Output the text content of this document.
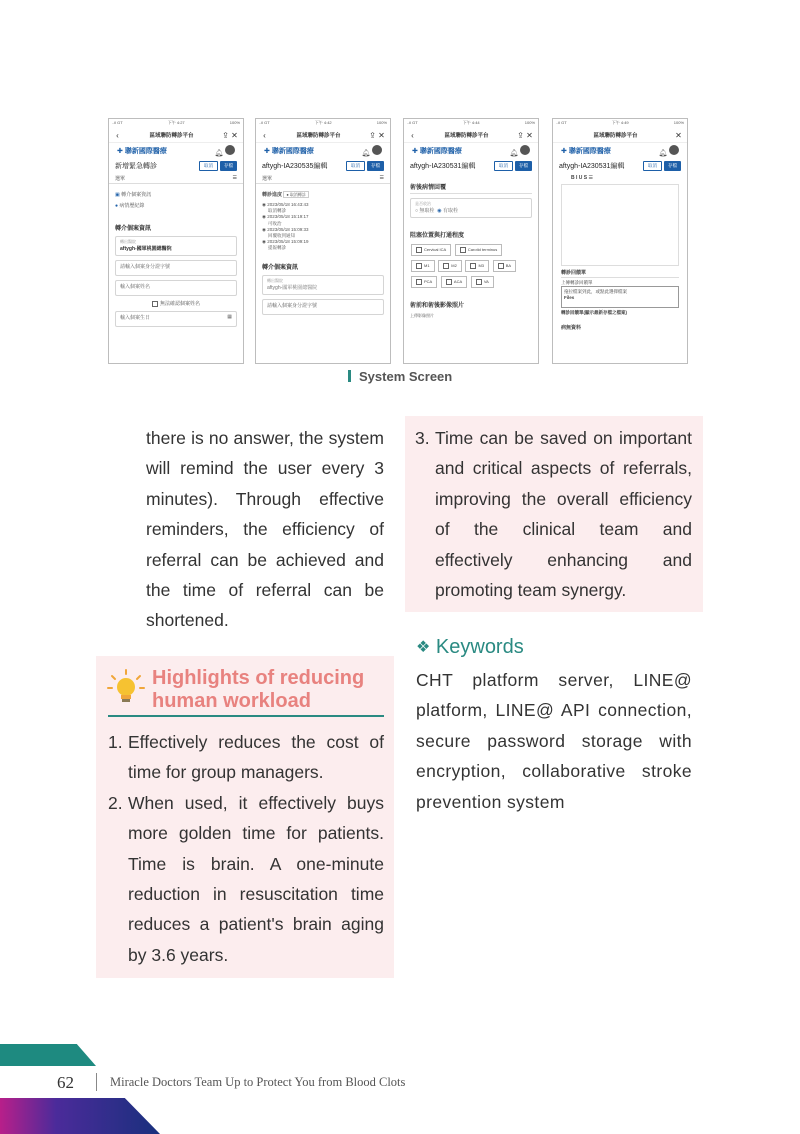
..il GT	下午 4:27	100%
‹	區域聯防轉診平台	⇪ ✕
✚ 聯新國際醫療	🔔︎
新增緊急轉診	取消 存檔
選單	☰
▣ 轉介個案資訊
● 病情歷紀錄
轉介個案資訊
轉出醫院
aftygh-國軍桃園總醫院
請輸入個案身分證字號
輸入個案姓名
無法確認個案姓名
輸入個案生日	▦
..il GT	下午 4:42	100%
‹	區域聯防轉診平台	⇪ ✕
✚ 聯新國際醫療	🔔︎
aftygh-IA230535編輯	取消 存檔
選單	☰
轉診進度 ● 取消轉診
◉ 2023/05/18 16:43:43
取消轉診
◉ 2023/05/18 15:19:17
可收治
◉ 2023/05/18 15:09:33
回覆收到通知
◉ 2023/05/18 15:09:19
提報轉診
轉介個案資訊
轉出醫院
aftygh-國軍桃園總醫院
請輸入個案身分證字號
..il GT	下午 4:44	100%
‹	區域聯防轉診平台	⇪ ✕
✚ 聯新國際醫療	🔔︎
aftygh-IA230531編輯	取消 存檔
術後病情回覆
是否收治
○ 無取栓 ◉ 有取栓
阻塞位置與打通程度
Cervical ICA	Carotid terminus
M1	M2	M3	BA
PCA	ACA	VA
術前和術後影像照片
上傳影像照片
..il GT	下午 4:49	100%
區域聯防轉診平台	✕
✚ 聯新國際醫療	🔔︎
aftygh-IA230531編輯	取消 存檔
B I U S ☰
轉診回饋單
上傳轉診回饋單
拖拉檔案到此，或點此選擇檔案
Files
轉診回饋單(顯示最新存檔之檔案)
病無資料
System Screen
there is no answer, the system will remind the user every 3 minutes). Through effective reminders, the efficiency of referral can be achieved and the time of referral can be shortened.
Highlights of reducing
human workload
1. Effectively reduces the cost of time for group managers.
2. When used, it effectively buys more golden time for patients. Time is brain. A one-minute reduction in resuscitation time reduces a patient's brain aging by 3.6 years.
3. Time can be saved on important and critical aspects of referrals, improving the overall efficiency of the clinical team and effectively enhancing and promoting team synergy.
❖ Keywords
CHT platform server, LINE@ platform, LINE@ API connection, secure password storage with encryption, collaborative stroke prevention system
62	Miracle Doctors Team Up to Protect You from Blood Clots
